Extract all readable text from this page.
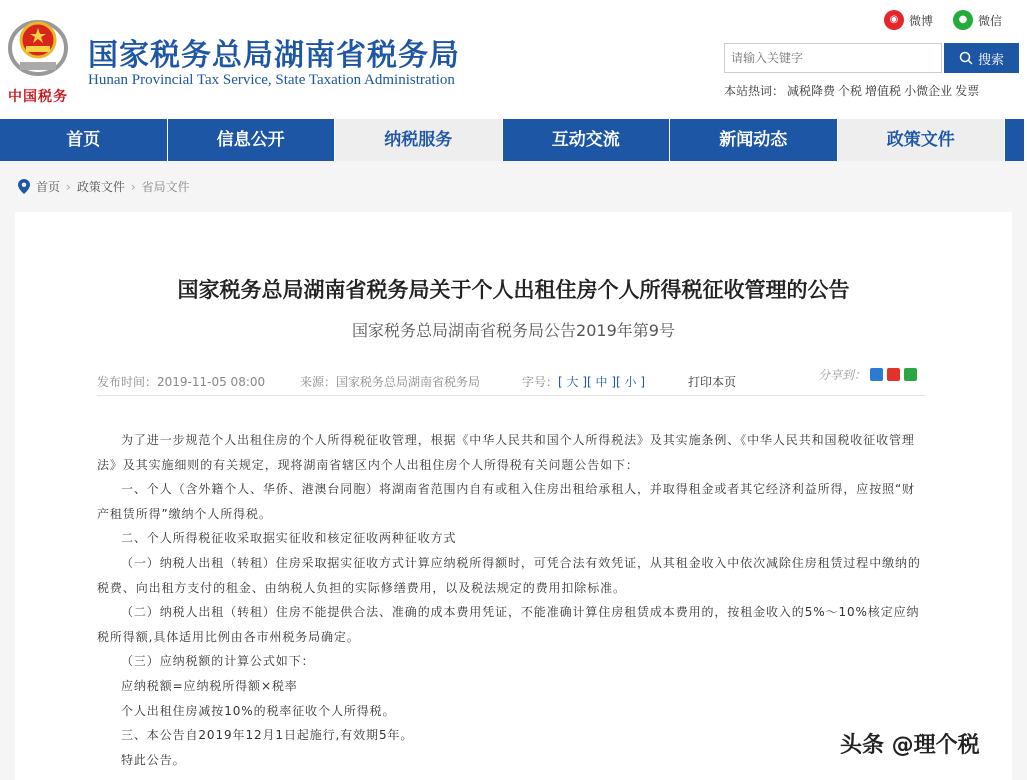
中国税务
国家税务总局湖南省税务局
Hunan Provincial Tax Service, State Taxation Administration
◉ 微博	● 微信
请输入关键字
搜索
本站热词： 减税降费 个税 增值税 小微企业 发票
首页	信息公开	纳税服务	互动交流	新闻动态	政策文件
首页 › 政策文件 › 省局文件
国家税务总局湖南省税务局关于个人出租住房个人所得税征收管理的公告
国家税务总局湖南省税务局公告2019年第9号
发布时间：2019-11-05 08:00	来源：国家税务总局湖南省税务局	字号：[ 大 ][ 中 ][ 小 ]	打印本页	分享到：

为了进一步规范个人出租住房的个人所得税征收管理，根据《中华人民共和国个人所得税法》及其实施条例、《中华人民共和国税收征收管理法》及其实施细则的有关规定，现将湖南省辖区内个人出租住房个人所得税有关问题公告如下：

一、个人（含外籍个人、华侨、港澳台同胞）将湖南省范围内自有或租入住房出租给承租人，并取得租金或者其它经济利益所得，应按照“财产租赁所得”缴纳个人所得税。

二、个人所得税征收采取据实征收和核定征收两种征收方式

（一）纳税人出租（转租）住房采取据实征收方式计算应纳税所得额时，可凭合法有效凭证，从其租金收入中依次减除住房租赁过程中缴纳的税费、向出租方支付的租金、由纳税人负担的实际修缮费用，以及税法规定的费用扣除标准。

（二）纳税人出租（转租）住房不能提供合法、准确的成本费用凭证，不能准确计算住房租赁成本费用的，按租金收入的5%～10%核定应纳税所得额,具体适用比例由各市州税务局确定。

（三）应纳税额的计算公式如下：

应纳税额=应纳税所得额×税率

个人出租住房减按10%的税率征收个人所得税。

三、本公告自2019年12月1日起施行,有效期5年。

特此公告。

头条 @理个税
